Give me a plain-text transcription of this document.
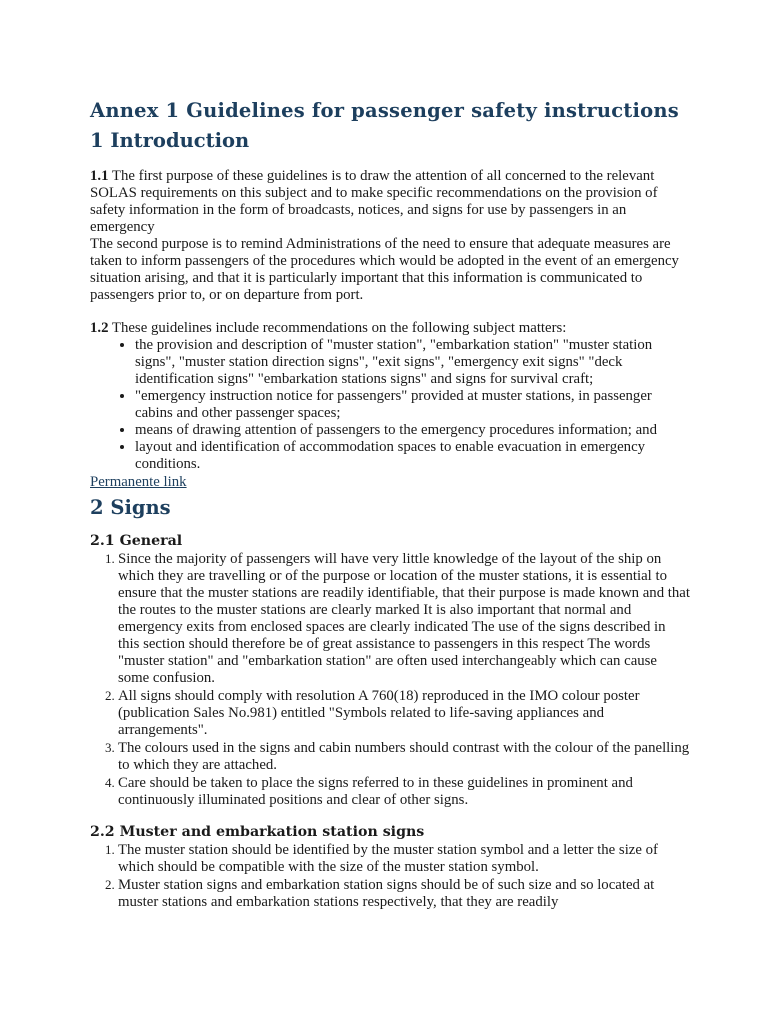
Annex 1 Guidelines for passenger safety instructions
1 Introduction

1.1 The first purpose of these guidelines is to draw the attention of all concerned to the relevant SOLAS requirements on this subject and to make specific recommendations on the provision of safety information in the form of broadcasts, notices, and signs for use by passengers in an emergency

The second purpose is to remind Administrations of the need to ensure that adequate measures are taken to inform passengers of the procedures which would be adopted in the event of an emergency situation arising, and that it is particularly important that this information is communicated to passengers prior to, or on departure from port.

1.2 These guidelines include recommendations on the following subject matters:

• the provision and description of "muster station", "embarkation station" "muster station signs", "muster station direction signs", "exit signs", "emergency exit signs" "deck identification signs" "embarkation stations signs" and signs for survival craft;
• "emergency instruction notice for passengers" provided at muster stations, in passenger cabins and other passenger spaces;
• means of drawing attention of passengers to the emergency procedures information; and
• layout and identification of accommodation spaces to enable evacuation in emergency conditions.
Permanente link
2 Signs
2.1 General
1. Since the majority of passengers will have very little knowledge of the layout of the ship on which they are travelling or of the purpose or location of the muster stations, it is essential to ensure that the muster stations are readily identifiable, that their purpose is made known and that the routes to the muster stations are clearly marked It is also important that normal and emergency exits from enclosed spaces are clearly indicated The use of the signs described in this section should therefore be of great assistance to passengers in this respect The words "muster station" and "embarkation station" are often used interchangeably which can cause some confusion.
2. All signs should comply with resolution A 760(18) reproduced in the IMO colour poster (publication Sales No.981) entitled "Symbols related to life-saving appliances and arrangements".
3. The colours used in the signs and cabin numbers should contrast with the colour of the panelling to which they are attached.
4. Care should be taken to place the signs referred to in these guidelines in prominent and continuously illuminated positions and clear of other signs.
2.2 Muster and embarkation station signs
1. The muster station should be identified by the muster station symbol and a letter the size of which should be compatible with the size of the muster station symbol.
2. Muster station signs and embarkation station signs should be of such size and so located at muster stations and embarkation stations respectively, that they are readily
